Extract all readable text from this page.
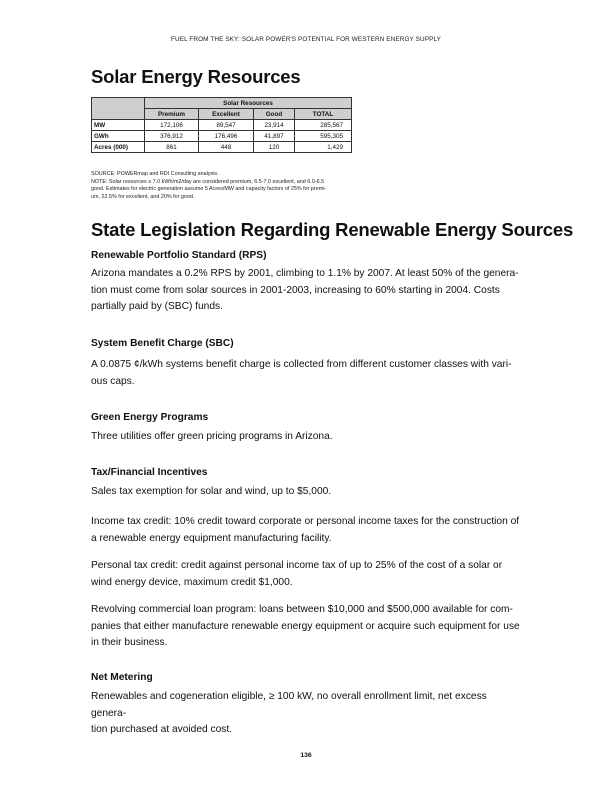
FUEL FROM THE SKY: SOLAR POWER'S POTENTIAL FOR WESTERN ENERGY SUPPLY
Solar Energy Resources
	Solar Resources			
	Premium	Excellent	Good	TOTAL
MW	172,106	89,547	23,914	285,567
GWh	376,912	176,496	41,897	595,305
Acres (000)	861	448	120	1,429

SOURCE: POWERmap and RDI Consulting analysis.

NOTE: Solar resources ≥ 7.0 kWh/m2/day are considered premium, 6.5-7.0 excellent, and 6.0-6.5

good. Estimates for electric generation assume 5 Acres/MW and capacity factors of 25% for premi-

um, 22.5% for excellent, and 20% for good.

State Legislation Regarding Renewable Energy Sources
Renewable Portfolio Standard (RPS)
Arizona mandates a 0.2% RPS by 2001, climbing to 1.1% by 2007. At least 50% of the genera-
tion must come from solar sources in 2001-2003, increasing to 60% starting in 2004. Costs
partially paid by (SBC) funds.
System Benefit Charge (SBC)
A 0.0875 ¢/kWh systems benefit charge is collected from different customer classes with vari-
ous caps.
Green Energy Programs
Three utilities offer green pricing programs in Arizona.
Tax/Financial Incentives
Sales tax exemption for solar and wind, up to $5,000.
Income tax credit: 10% credit toward corporate or personal income taxes for the construction of
a renewable energy equipment manufacturing facility.
Personal tax credit: credit against personal income tax of up to 25% of the cost of a solar or
wind energy device, maximum credit $1,000.
Revolving commercial loan program: loans between $10,000 and $500,000 available for com-
panies that either manufacture renewable energy equipment or acquire such equipment for use
in their business.
Net Metering
Renewables and cogeneration eligible, ≥ 100 kW, no overall enrollment limit, net excess genera-
tion purchased at avoided cost.
136
